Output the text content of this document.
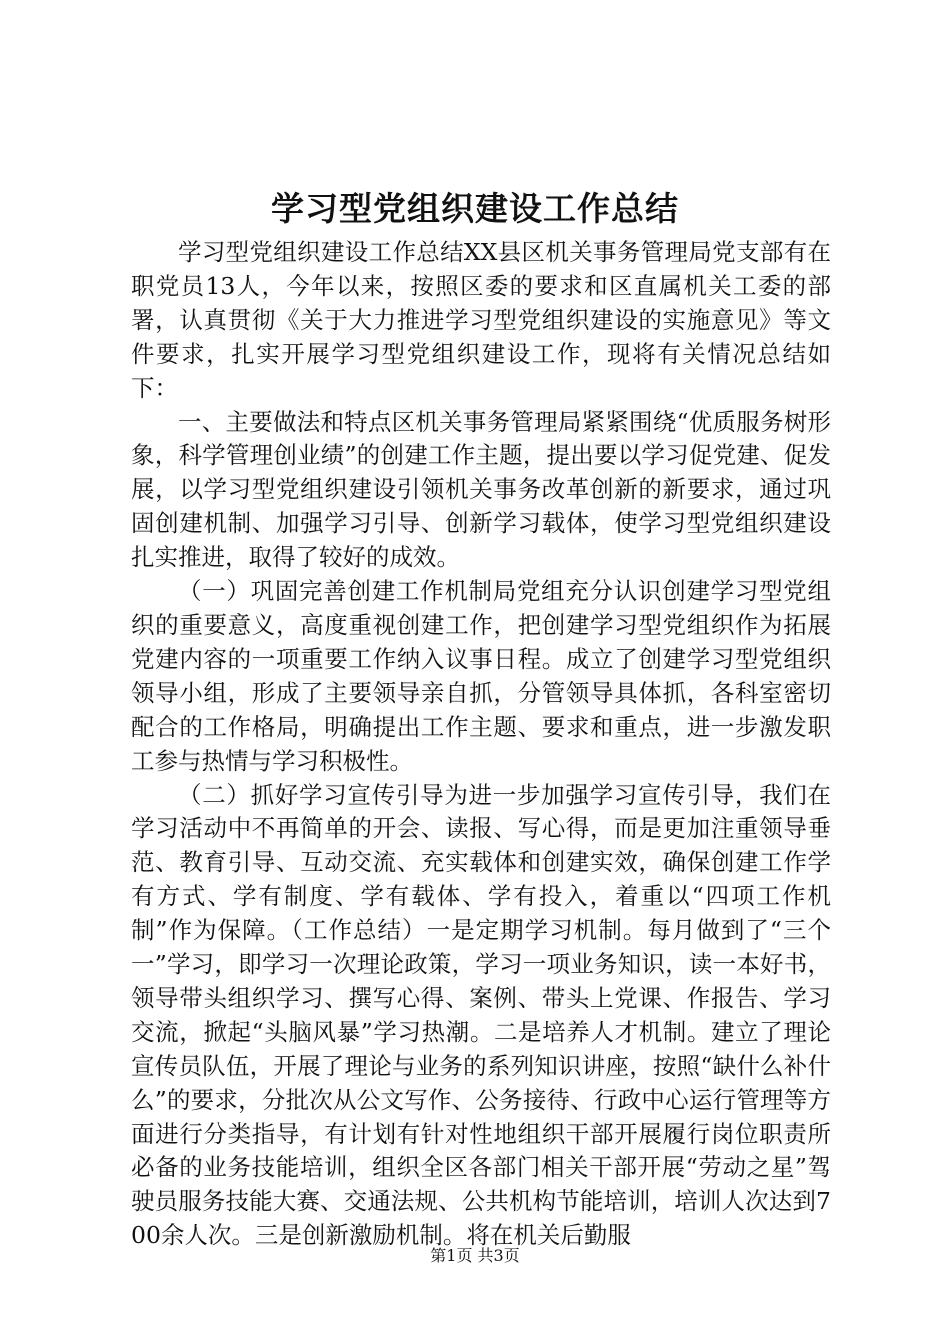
学习型党组织建设工作总结

学习型党组织建设工作总结XX县区机关事务管理局党支部有在职党员13人，今年以来，按照区委的要求和区直属机关工委的部署，认真贯彻《关于大力推进学习型党组织建设的实施意见》等文件要求，扎实开展学习型党组织建设工作，现将有关情况总结如下：

一、主要做法和特点区机关事务管理局紧紧围绕“优质服务树形象，科学管理创业绩”的创建工作主题，提出要以学习促党建、促发展，以学习型党组织建设引领机关事务改革创新的新要求，通过巩固创建机制、加强学习引导、创新学习载体，使学习型党组织建设扎实推进，取得了较好的成效。

（一）巩固完善创建工作机制局党组充分认识创建学习型党组织的重要意义，高度重视创建工作，把创建学习型党组织作为拓展党建内容的一项重要工作纳入议事日程。成立了创建学习型党组织领导小组，形成了主要领导亲自抓，分管领导具体抓，各科室密切配合的工作格局，明确提出工作主题、要求和重点，进一步激发职工参与热情与学习积极性。

（二）抓好学习宣传引导为进一步加强学习宣传引导，我们在学习活动中不再简单的开会、读报、写心得，而是更加注重领导垂范、教育引导、互动交流、充实载体和创建实效，确保创建工作学有方式、学有制度、学有载体、学有投入，着重以“四项工作机制”作为保障。（工作总结）一是定期学习机制。每月做到了“三个一”学习，即学习一次理论政策，学习一项业务知识，读一本好书，领导带头组织学习、撰写心得、案例、带头上党课、作报告、学习交流，掀起“头脑风暴”学习热潮。二是培养人才机制。建立了理论宣传员队伍，开展了理论与业务的系列知识讲座，按照“缺什么补什么”的要求，分批次从公文写作、公务接待、行政中心运行管理等方面进行分类指导，有计划有针对性地组织干部开展履行岗位职责所必备的业务技能培训，组织全区各部门相关干部开展“劳动之星”驾驶员服务技能大赛、交通法规、公共机构节能培训，培训人次达到700余人次。三是创新激励机制。将在机关后勤服

第1页 共3页
